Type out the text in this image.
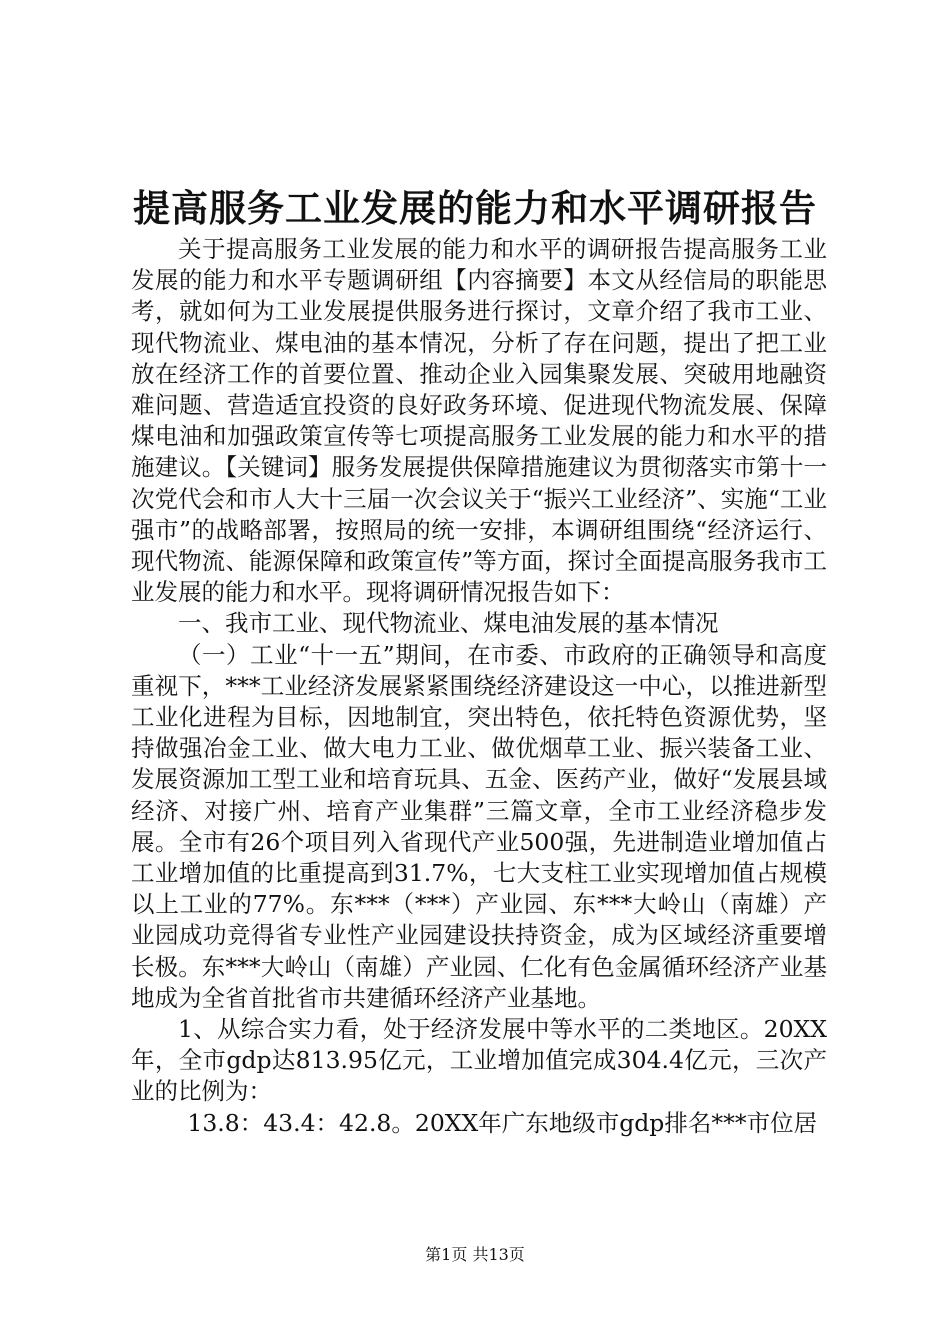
提高服务工业发展的能力和水平调研报告

关于提高服务工业发展的能力和水平的调研报告提高服务工业发展的能力和水平专题调研组【内容摘要】本文从经信局的职能思考，就如何为工业发展提供服务进行探讨，文章介绍了我市工业、现代物流业、煤电油的基本情况，分析了存在问题，提出了把工业放在经济工作的首要位置、推动企业入园集聚发展、突破用地融资难问题、营造适宜投资的良好政务环境、促进现代物流发展、保障煤电油和加强政策宣传等七项提高服务工业发展的能力和水平的措施建议。【关键词】服务发展提供保障措施建议为贯彻落实市第十一次党代会和市人大十三届一次会议关于“振兴工业经济”、实施“工业强市”的战略部署，按照局的统一安排，本调研组围绕“经济运行、现代物流、能源保障和政策宣传”等方面，探讨全面提高服务我市工业发展的能力和水平。现将调研情况报告如下：

一、我市工业、现代物流业、煤电油发展的基本情况

（一）工业“十一五”期间，在市委、市政府的正确领导和高度重视下，***工业经济发展紧紧围绕经济建设这一中心，以推进新型工业化进程为目标，因地制宜，突出特色，依托特色资源优势，坚持做强冶金工业、做大电力工业、做优烟草工业、振兴装备工业、发展资源加工型工业和培育玩具、五金、医药产业，做好“发展县域经济、对接广州、培育产业集群”三篇文章，全市工业经济稳步发展。全市有26个项目列入省现代产业500强，先进制造业增加值占工业增加值的比重提高到31.7%，七大支柱工业实现增加值占规模以上工业的77%。东***（***）产业园、东***大岭山（南雄）产业园成功竞得省专业性产业园建设扶持资金，成为区域经济重要增长极。东***大岭山（南雄）产业园、仁化有色金属循环经济产业基地成为全省首批省市共建循环经济产业基地。

1、从综合实力看，处于经济发展中等水平的二类地区。20XX年，全市gdp达813.95亿元，工业增加值完成304.4亿元，三次产业的比例为：

13.8：43.4：42.8。20XX年广东地级市gdp排名***市位居

第1页 共13页
